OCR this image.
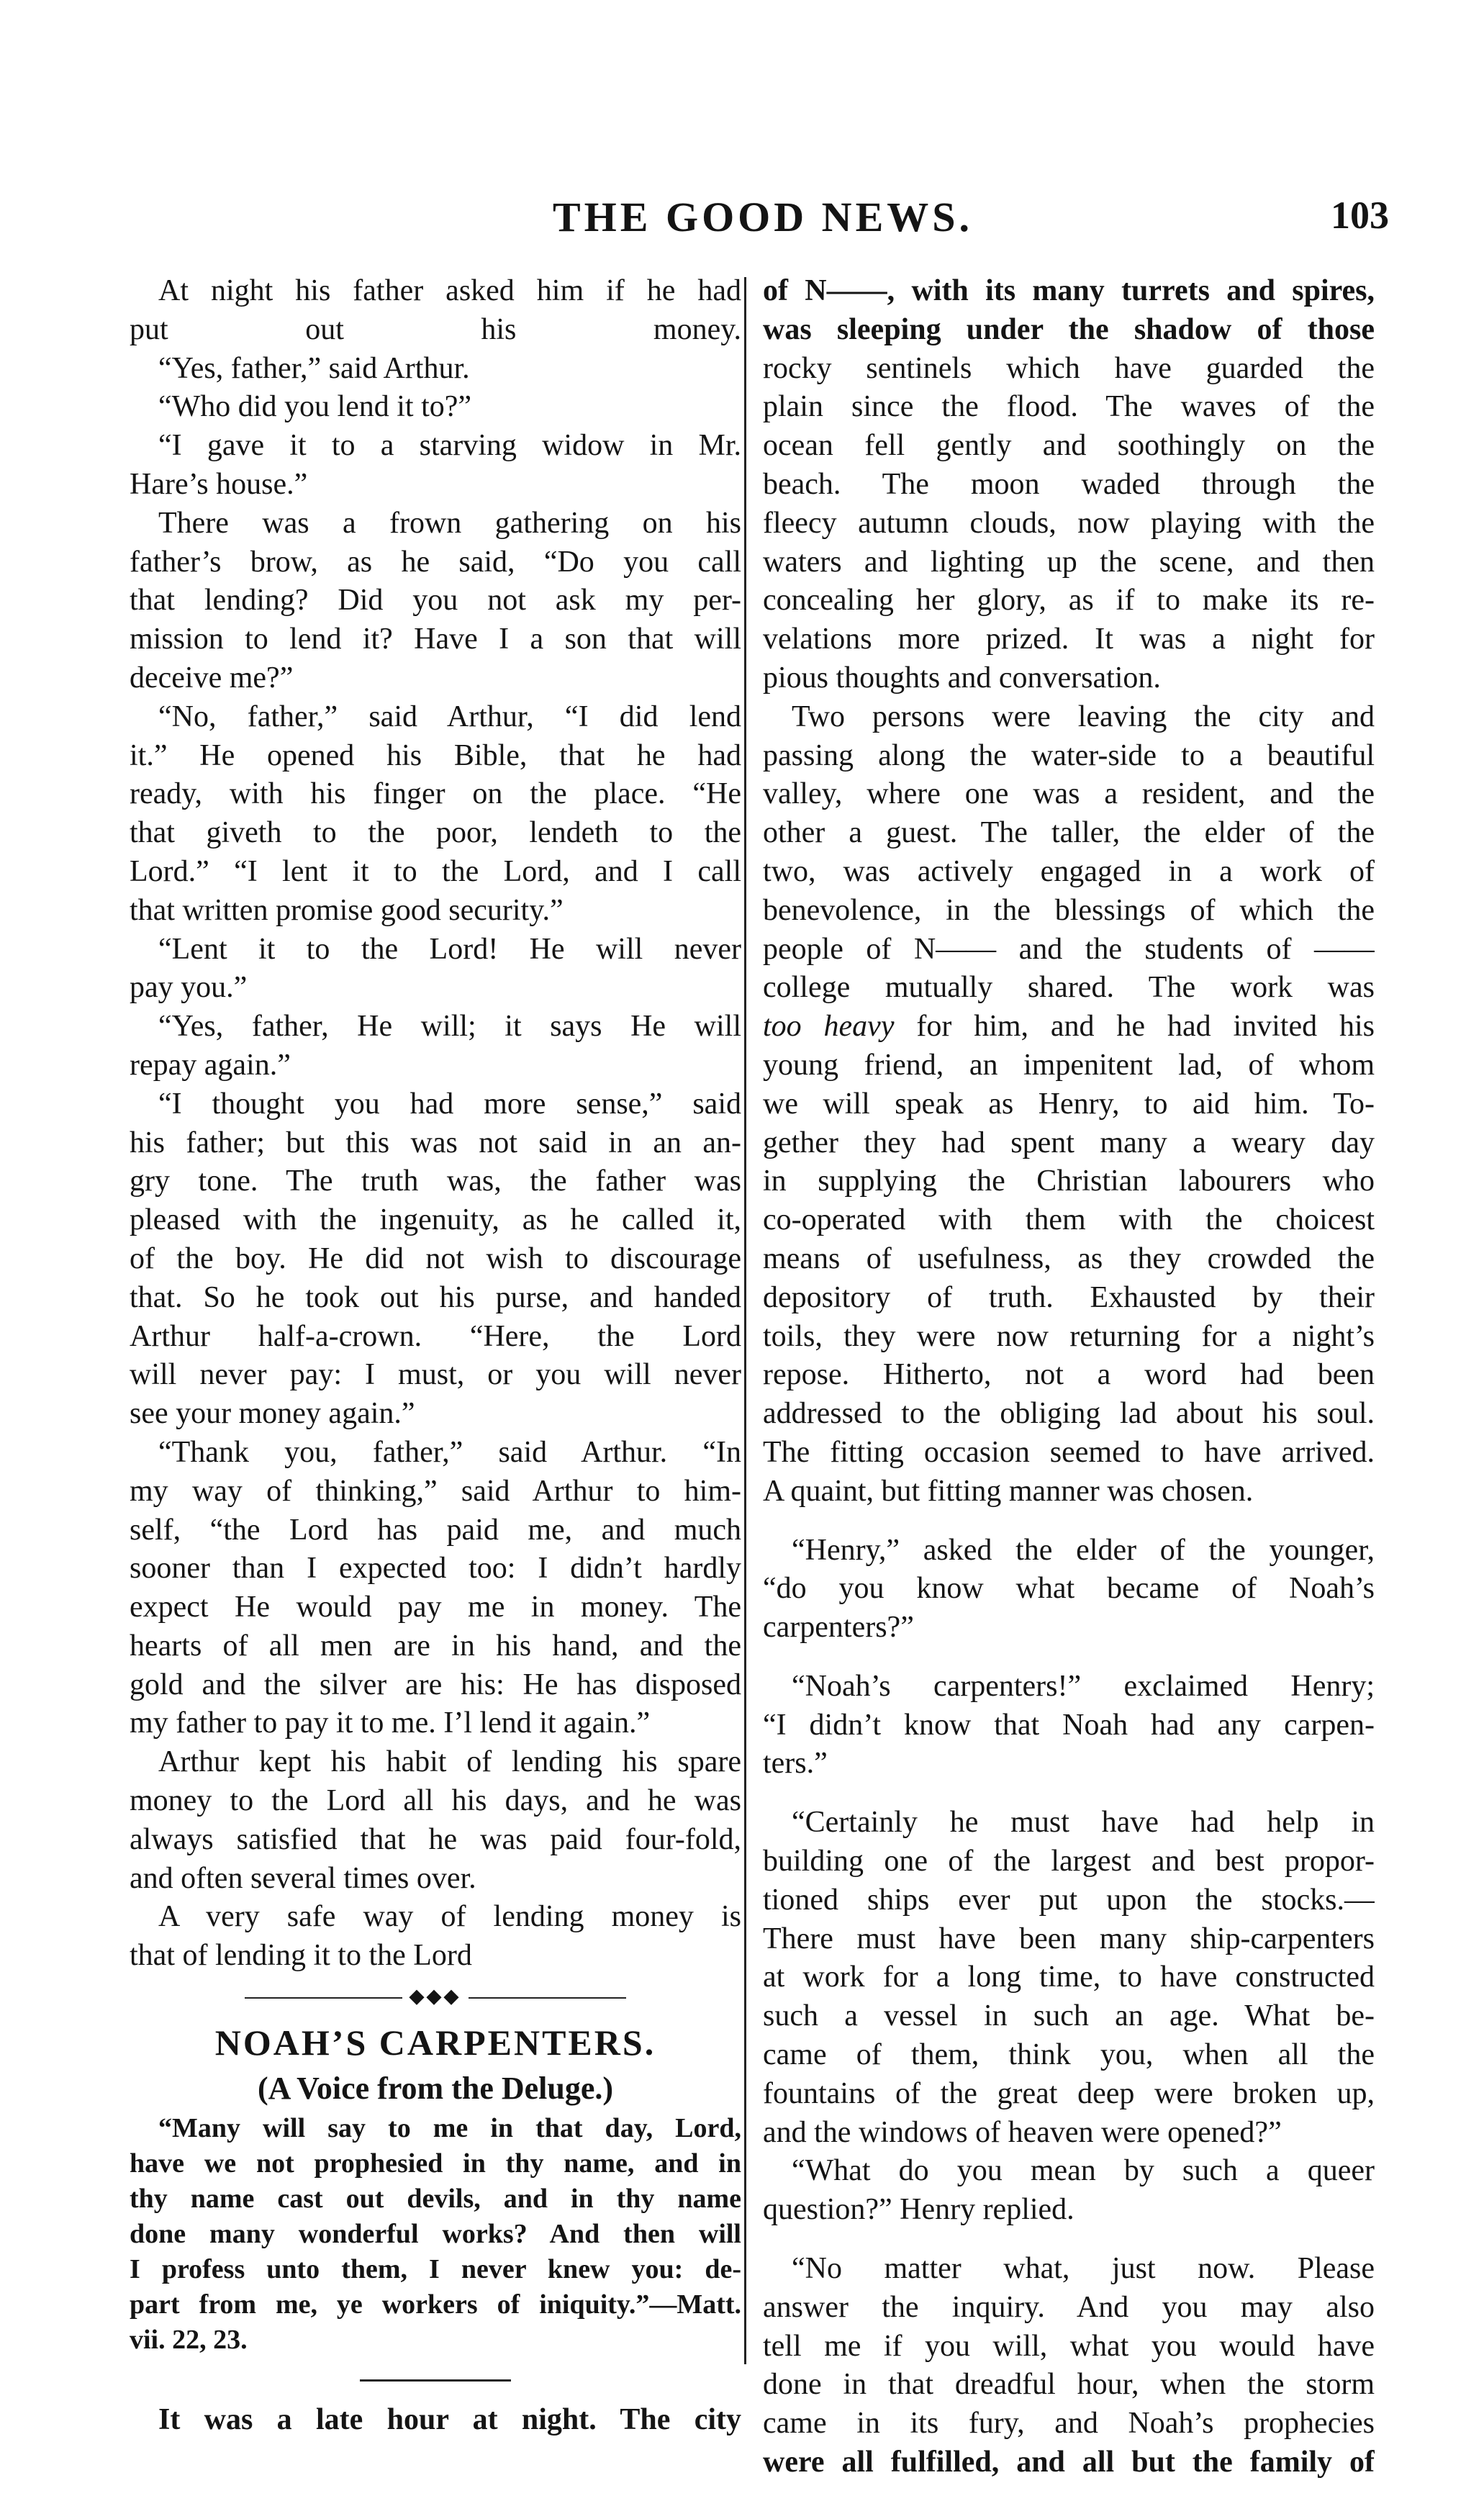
THE GOOD NEWS.	103
At night his father asked him if he had
put out his money.
“Yes, father,” said Arthur.
“Who did you lend it to?”
“I gave it to a starving widow in Mr.
Hare’s house.”
There was a frown gathering on his
father’s brow, as he said, “Do you call
that lending? Did you not ask my per-
mission to lend it? Have I a son that will
deceive me?”
“No, father,” said Arthur, “I did lend
it.” He opened his Bible, that he had
ready, with his finger on the place. “He
that giveth to the poor, lendeth to the
Lord.” “I lent it to the Lord, and I call
that written promise good security.”
“Lent it to the Lord! He will never
pay you.”
“Yes, father, He will; it says He will
repay again.”
“I thought you had more sense,” said
his father; but this was not said in an an-
gry tone. The truth was, the father was
pleased with the ingenuity, as he called it,
of the boy. He did not wish to discourage
that. So he took out his purse, and handed
Arthur half-a-crown. “Here, the Lord
will never pay: I must, or you will never
see your money again.”
“Thank you, father,” said Arthur. “In
my way of thinking,” said Arthur to him-
self, “the Lord has paid me, and much
sooner than I expected too: I didn’t hardly
expect He would pay me in money. The
hearts of all men are in his hand, and the
gold and the silver are his: He has disposed
my father to pay it to me. I’l lend it again.”
Arthur kept his habit of lending his spare
money to the Lord all his days, and he was
always satisfied that he was paid four-fold,
and often several times over.
A very safe way of lending money is
that of lending it to the Lord
◆◆◆
NOAH’S CARPENTERS.
(A Voice from the Deluge.)
“Many will say to me in that day, Lord,
have we not prophesied in thy name, and in
thy name cast out devils, and in thy name
done many wonderful works? And then will
I profess unto them, I never knew you: de-
part from me, ye workers of iniquity.”—Matt.
vii. 22, 23.
It was a late hour at night. The city
of N——, with its many turrets and spires,
was sleeping under the shadow of those
rocky sentinels which have guarded the
plain since the flood. The waves of the
ocean fell gently and soothingly on the
beach. The moon waded through the
fleecy autumn clouds, now playing with the
waters and lighting up the scene, and then
concealing her glory, as if to make its re-
velations more prized. It was a night for
pious thoughts and conversation.
Two persons were leaving the city and
passing along the water-side to a beautiful
valley, where one was a resident, and the
other a guest. The taller, the elder of the
two, was actively engaged in a work of
benevolence, in the blessings of which the
people of N—— and the students of ——
college mutually shared. The work was
too heavy for him, and he had invited his
young friend, an impenitent lad, of whom
we will speak as Henry, to aid him. To-
gether they had spent many a weary day
in supplying the Christian labourers who
co-operated with them with the choicest
means of usefulness, as they crowded the
depository of truth. Exhausted by their
toils, they were now returning for a night’s
repose. Hitherto, not a word had been
addressed to the obliging lad about his soul.
The fitting occasion seemed to have arrived.
A quaint, but fitting manner was chosen.
“Henry,” asked the elder of the younger,
“do you know what became of Noah’s
carpenters?”
“Noah’s carpenters!” exclaimed Henry;
“I didn’t know that Noah had any carpen-
ters.”
“Certainly he must have had help in
building one of the largest and best propor-
tioned ships ever put upon the stocks.—
There must have been many ship-carpenters
at work for a long time, to have constructed
such a vessel in such an age. What be-
came of them, think you, when all the
fountains of the great deep were broken up,
and the windows of heaven were opened?”
“What do you mean by such a queer
question?” Henry replied.
“No matter what, just now. Please
answer the inquiry. And you may also
tell me if you will, what you would have
done in that dreadful hour, when the storm
came in its fury, and Noah’s prophecies
were all fulfilled, and all but the family of
